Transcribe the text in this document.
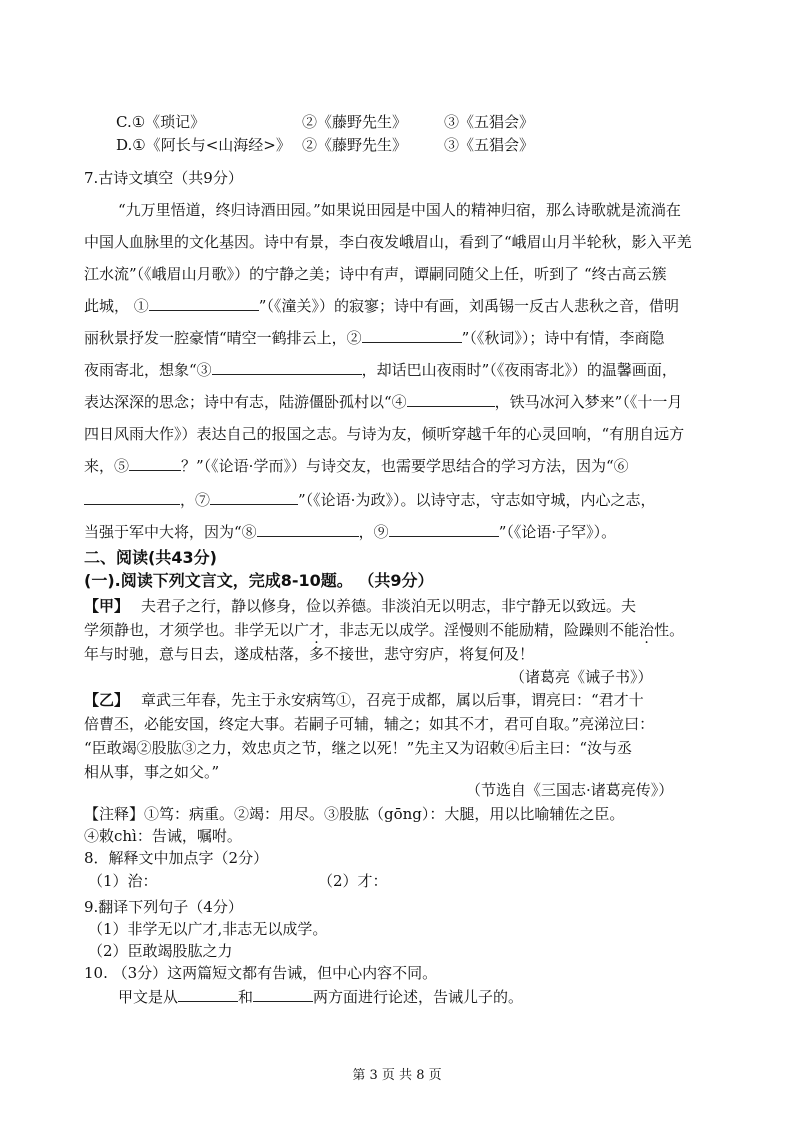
C.①《琐记》	②《藤野先生》 ③《五猖会》
D.①《阿长与<山海经>》 ②《藤野先生》 ③《五猖会》
7.古诗文填空（共9分）
“九万里悟道，终归诗酒田园。”如果说田园是中国人的精神归宿，那么诗歌就是流淌在
中国人血脉里的文化基因。诗中有景，李白夜发峨眉山，看到了“峨眉山月半轮秋，影入平羌
江水流”（《峨眉山月歌》）的宁静之美；诗中有声，谭嗣同随父上任，听到了 “终古高云簇
此城， ①	”（《潼关》）的寂寥；诗中有画，刘禹锡一反古人悲秋之音，借明
丽秋景抒发一腔豪情“晴空一鹤排云上，②	”（《秋词》）；诗中有情，李商隐
夜雨寄北，想象“③	，却话巴山夜雨时”（《夜雨寄北》）的温馨画面，
表达深深的思念；诗中有志，陆游僵卧孤村以“④	，铁马冰河入梦来”（《十一月
四日风雨大作》）表达自己的报国之志。与诗为友，倾听穿越千年的心灵回响，“有朋自远方
来，⑤	？”（《论语·学而》）与诗交友，也需要学思结合的学习方法，因为“⑥
，⑦	”（《论语·为政》）。以诗守志，守志如守城，内心之志，
当强于军中大将，因为“⑧	，⑨	”（《论语·子罕》）。
二、阅读(共43分)
(一).阅读下列文言文，完成8-10题。 （共9分）
【甲】 夫君子之行，静以修身，俭以养德。非淡泊无以明志，非宁静无以致远。夫
学须静也，才须学也。非学无以广才，非志无以成学。淫慢则不能励精，险躁则不能治性。
年与时驰，意与日去，遂成枯落，多不接世，悲守穷庐，将复何及！
（诸葛亮《诫子书》）
【乙】 章武三年春，先主于永安病笃①，召亮于成都，属以后事，谓亮曰：“君才十
倍曹丕，必能安国，终定大事。若嗣子可辅，辅之；如其不才，君可自取。”亮涕泣曰：
“臣敢竭②股肱③之力，效忠贞之节，继之以死！”先主又为诏敕④后主曰：“汝与丞
相从事，事之如父。”
（节选自《三国志·诸葛亮传》）
【注释】①笃：病重。②竭：用尽。③股肱（gōng）：大腿，用以比喻辅佐之臣。
④敕chì：告诫，嘱咐。
8．解释文中加点字（2分）
（1）治：	（2）才：
9.翻译下列句子（4分）
（1）非学无以广才,非志无以成学。
（2）臣敢竭股肱之力
10. （3分）这两篇短文都有告诫，但中心内容不同。
甲文是从	和	两方面进行论述，告诫儿子的。
第 3 页 共 8 页
